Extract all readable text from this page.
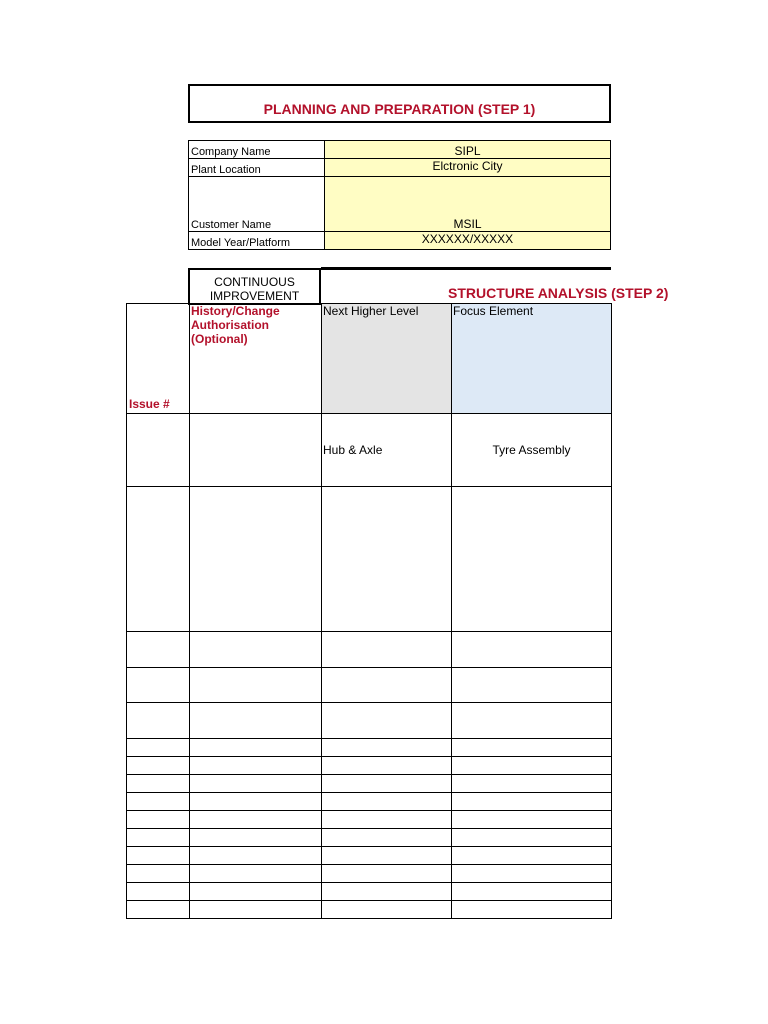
PLANNING AND PREPARATION (STEP 1)
Company Name	SIPL
Plant Location	Elctronic City
Customer Name	MSIL
Model Year/Platform	XXXXXX/XXXXX
CONTINUOUS IMPROVEMENT	STRUCTURE ANALYSIS (STEP 2)
Issue #	History/Change Authorisation (Optional)	Next Higher Level	Focus Element
		Hub & Axle	Tyre Assembly
